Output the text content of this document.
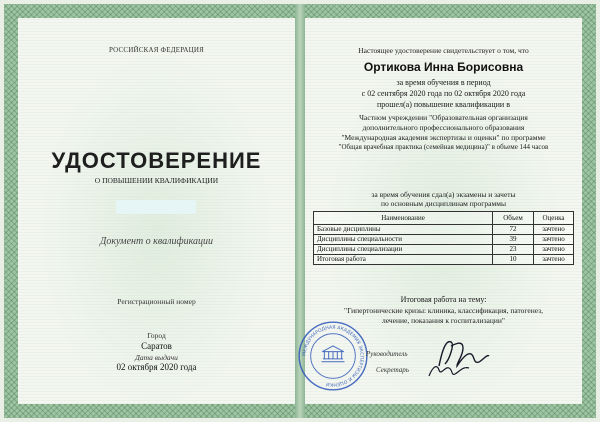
РОССИЙСКАЯ ФЕДЕРАЦИЯ
УДОСТОВЕРЕНИЕ
О ПОВЫШЕНИИ КВАЛИФИКАЦИИ
Документ о квалификации
Регистрационный номер
Город
Саратов
Дата выдачи
02 октября 2020 года
Настоящее удостоверение свидетельствует о том, что
Ортикова Инна Борисовна
за время обучения в период
с 02 сентября 2020 года по 02 октября 2020 года
прошел(а) повышение квалификации в
Частном учреждении "Образовательная организация
дополнительного профессионального образования
"Международная академия экспертизы и оценки" по программе
"Общая врачебная практика (семейная медицина)" в объеме 144 часов
за время обучения сдал(а) экзамены и зачеты
по основным дисциплинам программы
Наименование	Объем	Оценка
Базовые дисциплины	72	зачтено
Дисциплины специальности	39	зачтено
Дисциплины специализации	23	зачтено
Итоговая работа	10	зачтено
Итоговая работа на тему:
"Гипертонические кризы: клиника, классификация, патогенез,
лечение, показания к госпитализации"
МЕЖДУНАРОДНАЯ АКАДЕМИЯ ЭКСПЕРТИЗЫ И ОЦЕНКИ
Руководитель
Секретарь
